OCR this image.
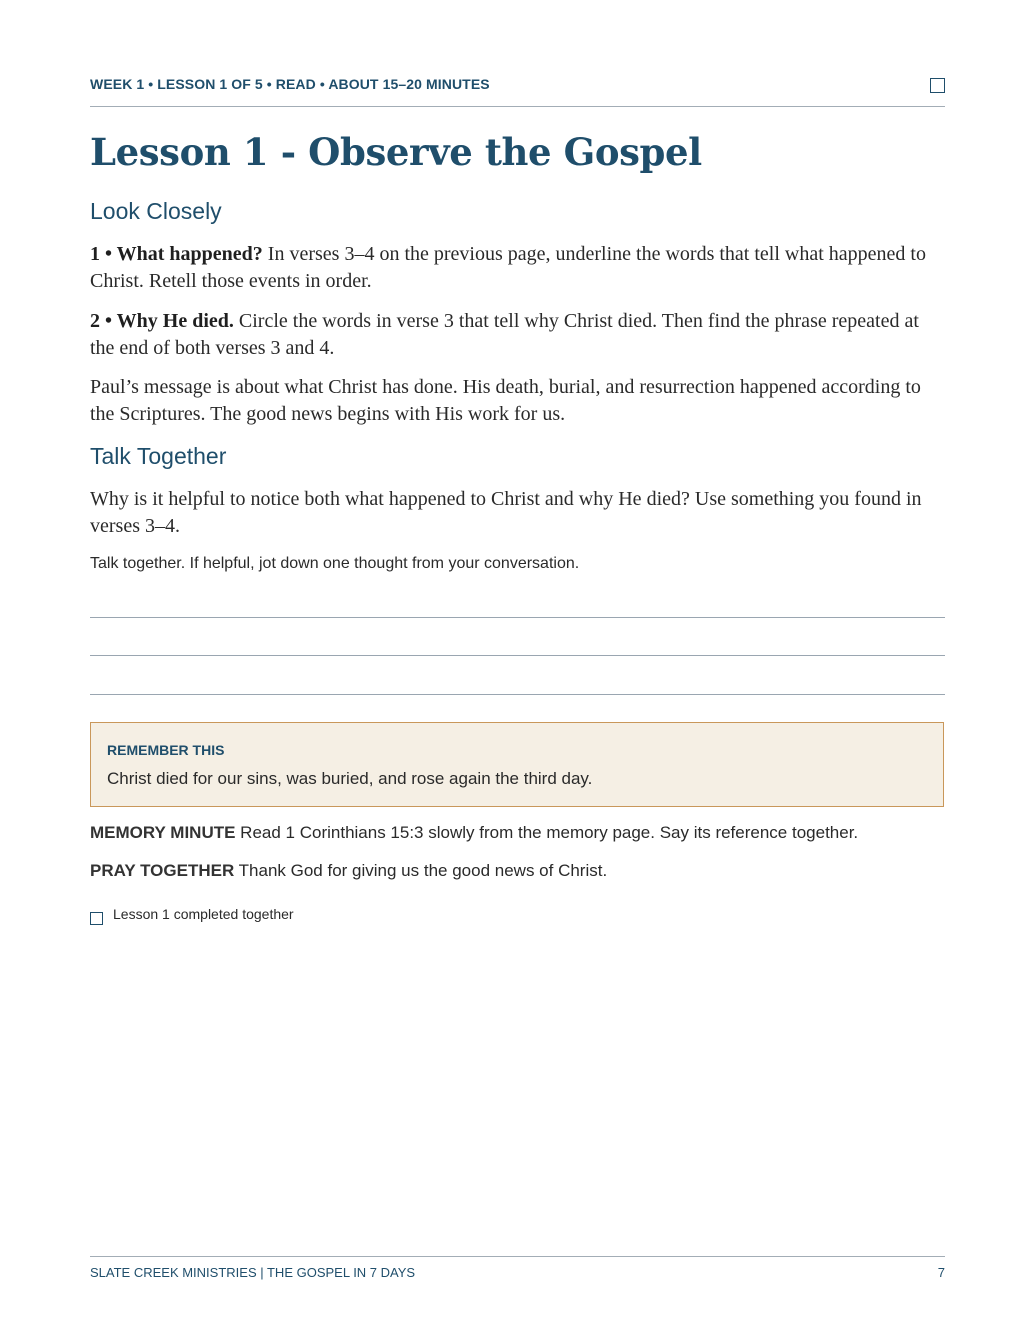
WEEK 1 • LESSON 1 OF 5 • READ • ABOUT 15–20 MINUTES
Lesson 1 - Observe the Gospel
Look Closely

1 • What happened? In verses 3–4 on the previous page, underline the words that tell what happened to Christ. Retell those events in order.

2 • Why He died. Circle the words in verse 3 that tell why Christ died. Then find the phrase repeated at the end of both verses 3 and 4.

Paul’s message is about what Christ has done. His death, burial, and resurrection happened according to the Scriptures. The good news begins with His work for us.

Talk Together

Why is it helpful to notice both what happened to Christ and why He died? Use something you found in verses 3–4.

Talk together. If helpful, jot down one thought from your conversation.
REMEMBER THIS
Christ died for our sins, was buried, and rose again the third day.
MEMORY MINUTE Read 1 Corinthians 15:3 slowly from the memory page. Say its reference together.
PRAY TOGETHER Thank God for giving us the good news of Christ.
Lesson 1 completed together
SLATE CREEK MINISTRIES | THE GOSPEL IN 7 DAYS	7
